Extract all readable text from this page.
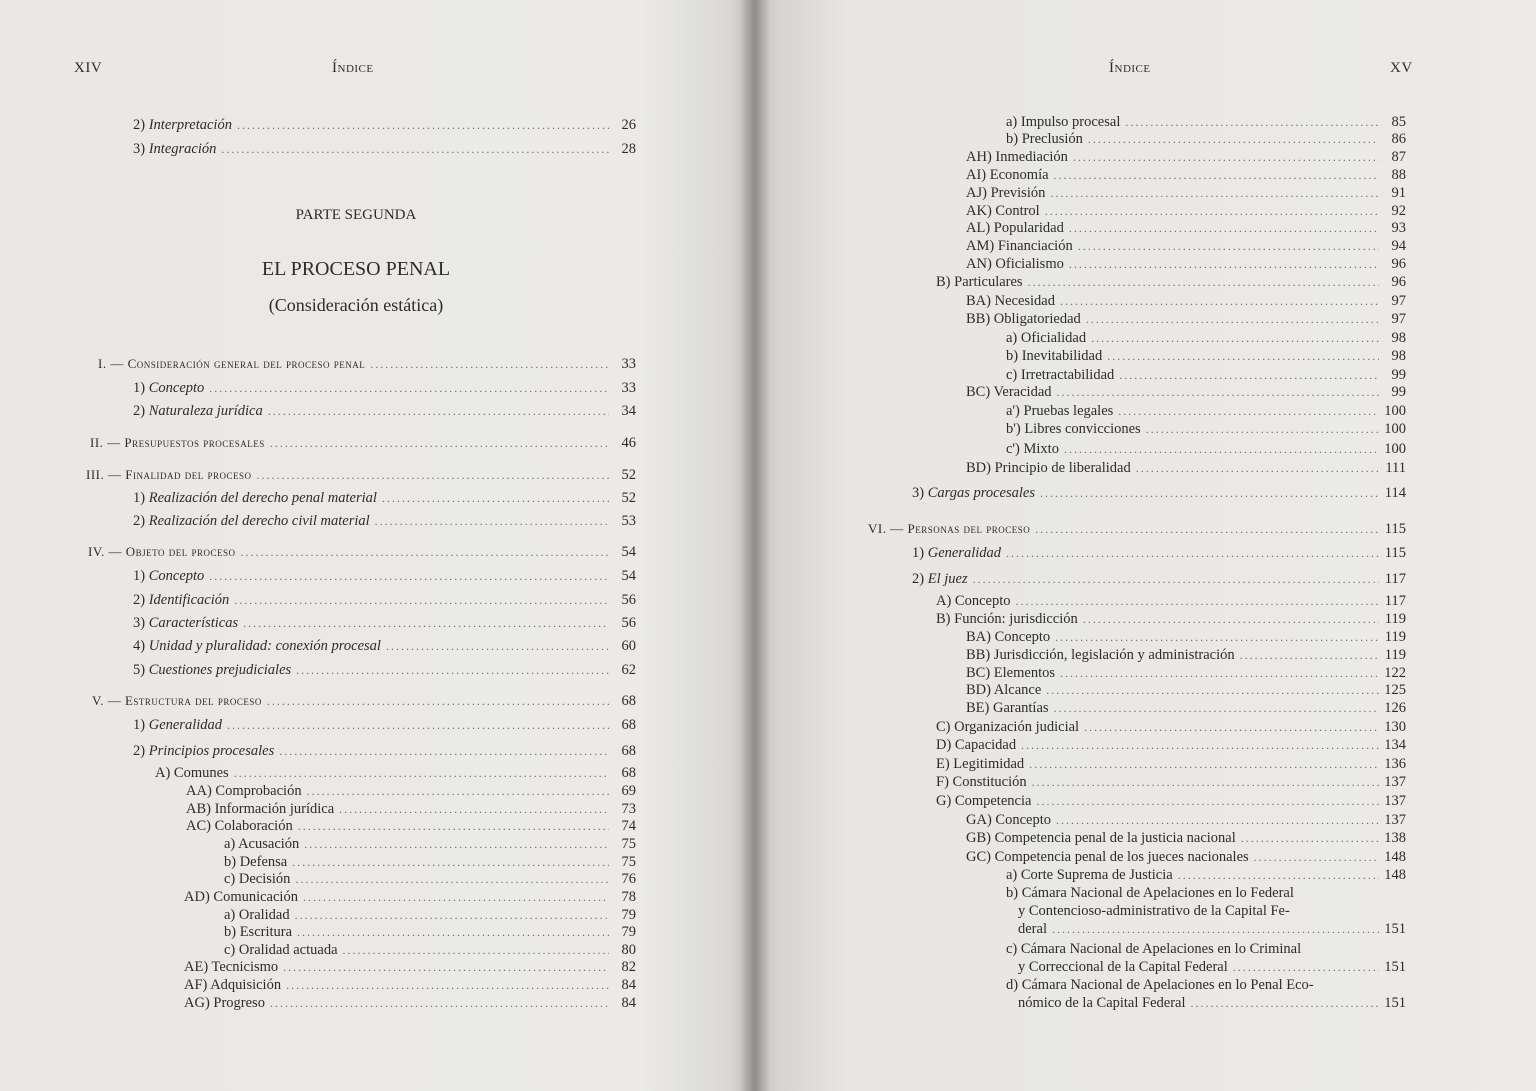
XIV	Índice
PARTE SEGUNDA
EL PROCESO PENAL
(Consideración estática)
2) Interpretación .....	26
3) Integración .....	28
I. — Consideración general del proceso penal .....	33
1) Concepto .....	33
2) Naturaleza jurídica .....	34
II. — Presupuestos procesales .....	46
III. — Finalidad del proceso .....	52
1) Realización del derecho penal material .....	52
2) Realización del derecho civil material .....	53
IV. — Objeto del proceso .....	54
1) Concepto .....	54
2) Identificación .....	56
3) Características .....	56
4) Unidad y pluralidad: conexión procesal .....	60
5) Cuestiones prejudiciales .....	62
V. — Estructura del proceso .....	68
1) Generalidad .....	68
2) Principios procesales .....	68
A) Comunes .....	68
AA) Comprobación .....	69
AB) Información jurídica .....	73
AC) Colaboración .....	74
a) Acusación .....	75
b) Defensa .....	75
c) Decisión .....	76
AD) Comunicación .....	78
a) Oralidad .....	79
b) Escritura .....	79
c) Oralidad actuada .....	80
AE) Tecnicismo .....	82
AF) Adquisición .....	84
AG) Progreso .....	84
Índice	XV
a) Impulso procesal .....	85
b) Preclusión .....	86
AH) Inmediación .....	87
AI) Economía .....	88
AJ) Previsión .....	91
AK) Control .....	92
AL) Popularidad .....	93
AM) Financiación .....	94
AN) Oficialismo .....	96
B) Particulares .....	96
BA) Necesidad .....	97
BB) Obligatoriedad .....	97
a) Oficialidad .....	98
b) Inevitabilidad .....	98
c) Irretractabilidad .....	99
BC) Veracidad .....	99
a') Pruebas legales .....	100
b') Libres convicciones .....	100
c') Mixto .....	100
BD) Principio de liberalidad .....	111
3) Cargas procesales .....	114
VI. — Personas del proceso .....	115
1) Generalidad .....	115
2) El juez .....	117
A) Concepto .....	117
B) Función: jurisdicción .....	119
BA) Concepto .....	119
BB) Jurisdicción, legislación y administración .....	119
BC) Elementos .....	122
BD) Alcance .....	125
BE) Garantías .....	126
C) Organización judicial .....	130
D) Capacidad .....	134
E) Legitimidad .....	136
F) Constitución .....	137
G) Competencia .....	137
GA) Concepto .....	137
GB) Competencia penal de la justicia nacional .....	138
GC) Competencia penal de los jueces nacionales .....	148
a) Corte Suprema de Justicia .....	148
b) Cámara Nacional de Apelaciones en lo Federal
y Contencioso-administrativo de la Capital Fe-
deral .....	151
c) Cámara Nacional de Apelaciones en lo Criminal
y Correccional de la Capital Federal .....	151
d) Cámara Nacional de Apelaciones en lo Penal Eco-
nómico de la Capital Federal .....	151
